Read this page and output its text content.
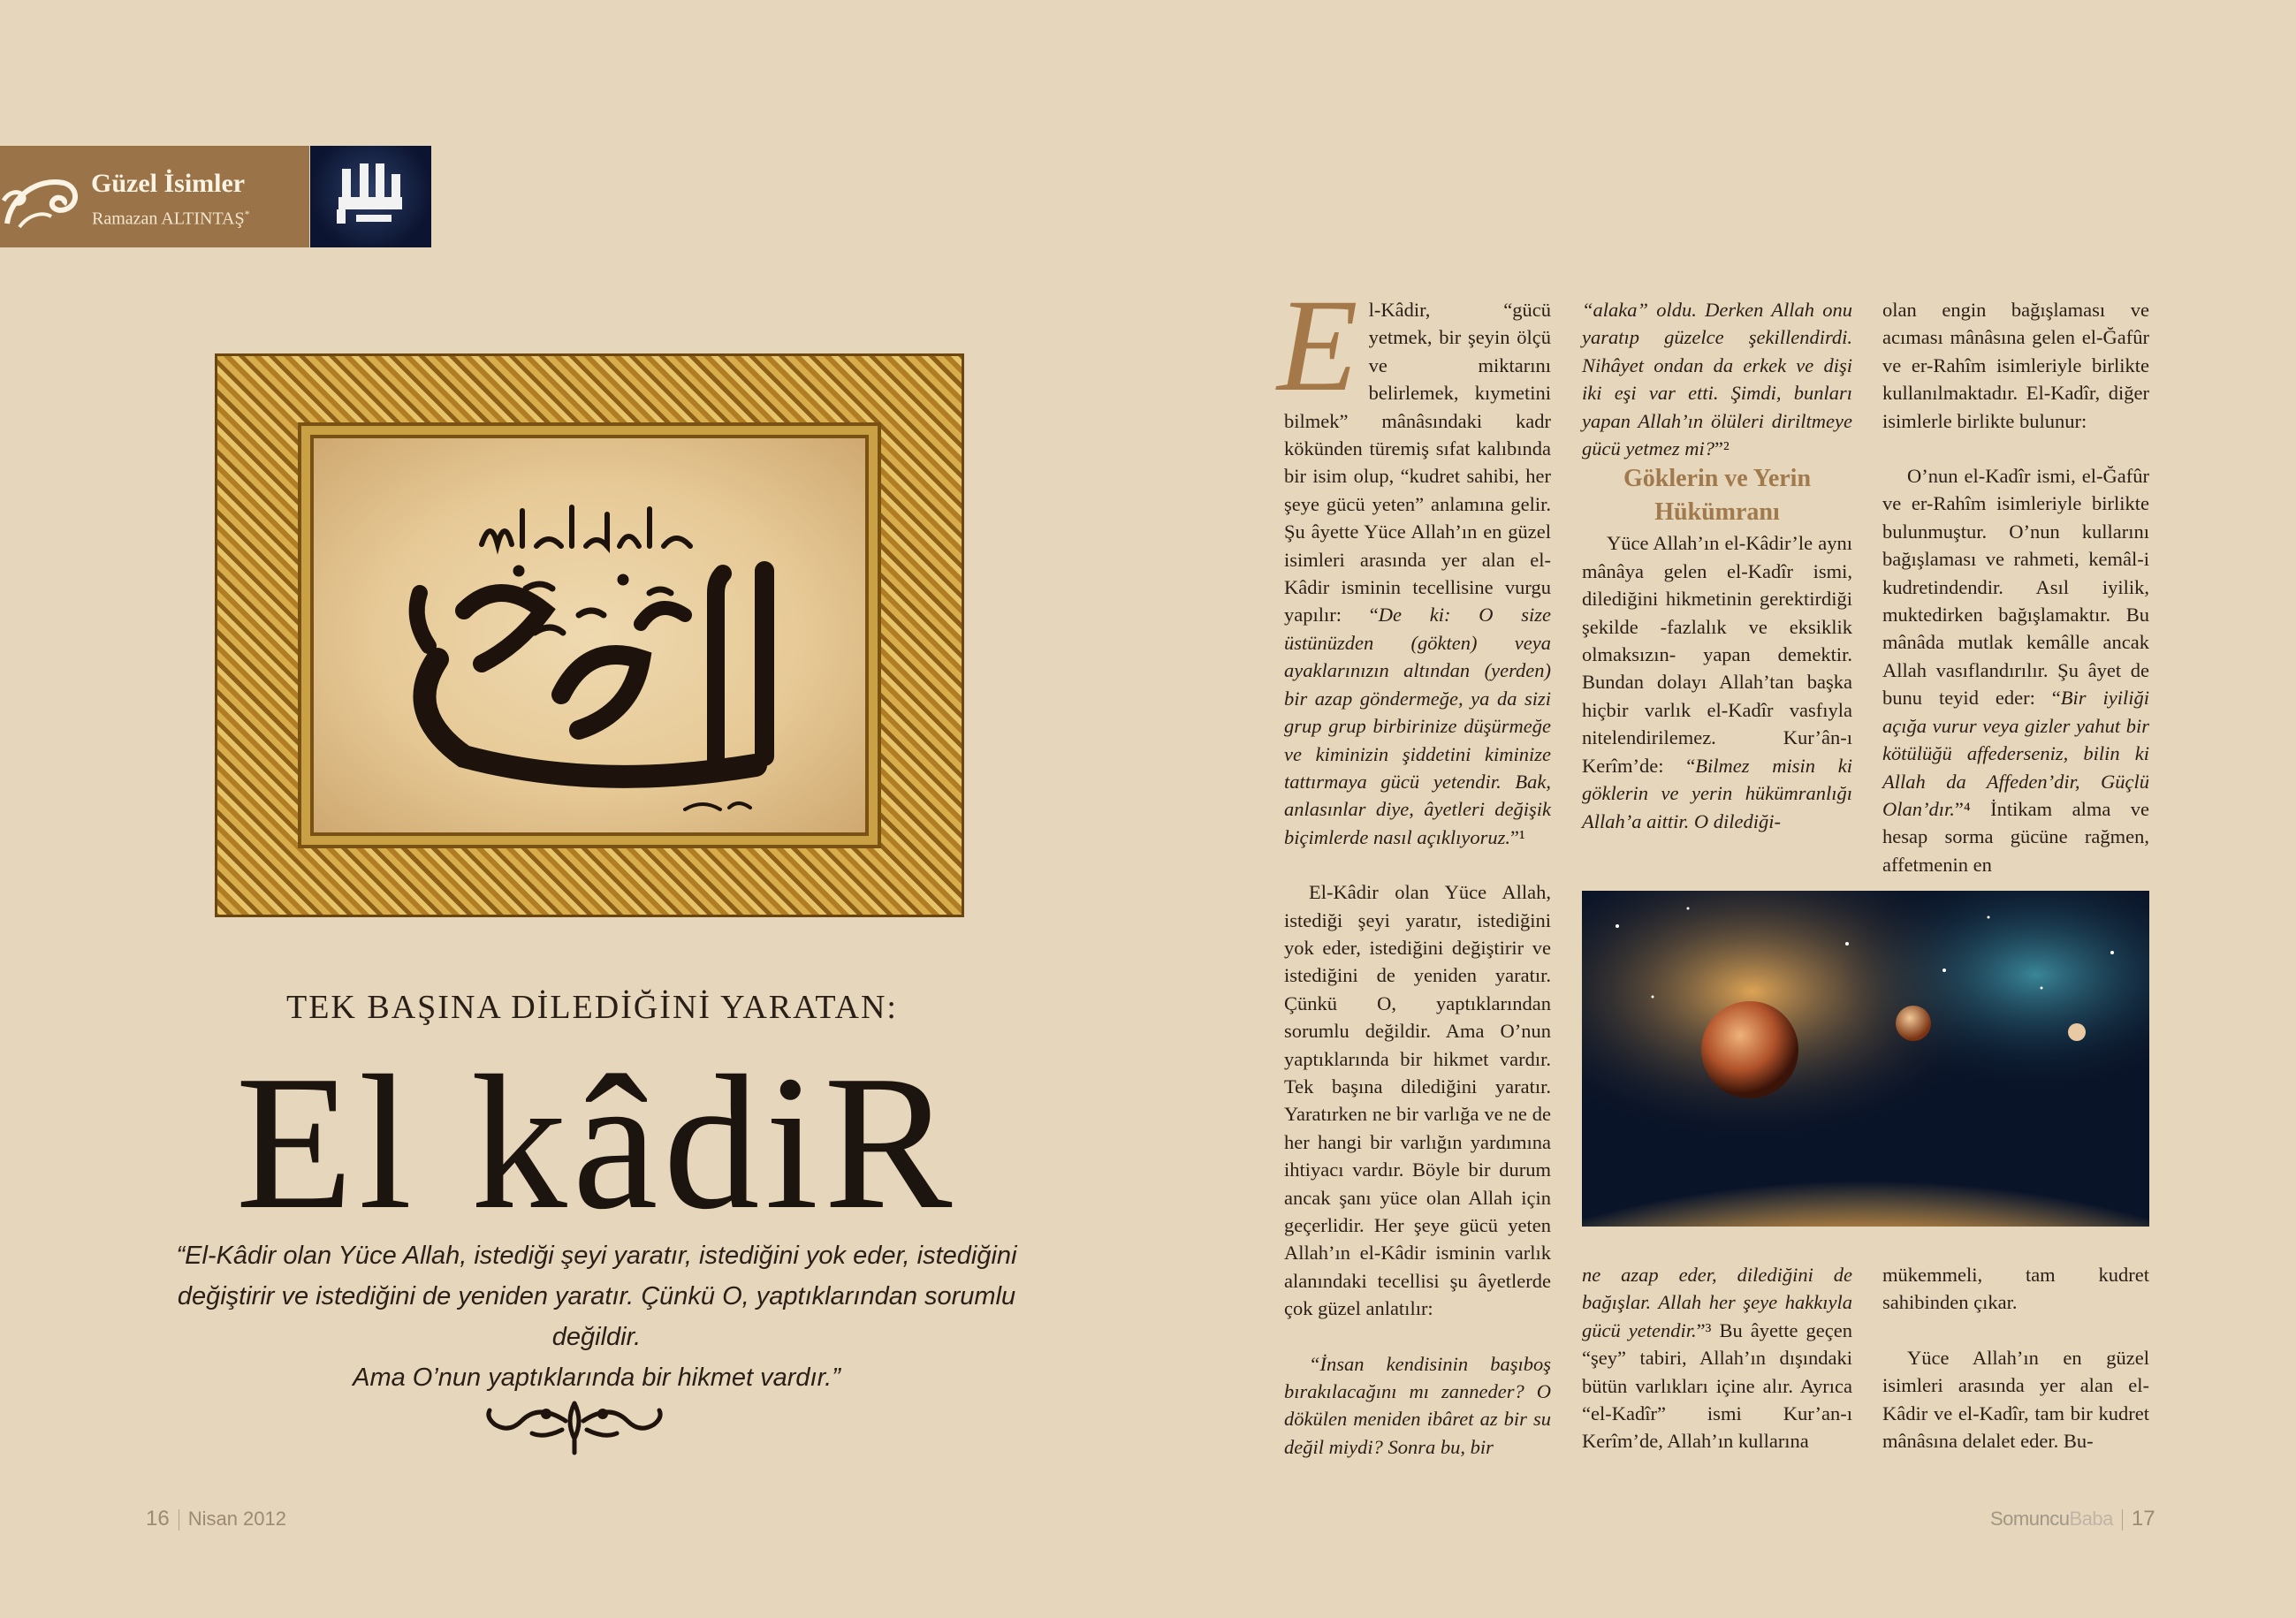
Güzel İsimler
Ramazan ALTINTAŞ*
TEK BAŞINA DİLEDİĞİNİ YARATAN:
El kâdiR
“El-Kâdir olan Yüce Allah, istediği şeyi yaratır, istediğini yok eder, istediğini
değiştirir ve istediğini de yeniden yaratır. Çünkü O, yaptıklarından sorumlu değildir.
Ama O’nun yaptıklarında bir hikmet vardır.”

El-Kâdir, “gücü yetmek, bir şeyin ölçü ve miktarını belirlemek, kıymetini bilmek” mânâsındaki kadr kökünden türemiş sıfat kalıbında bir isim olup, “kudret sahibi, her şeye gücü yeten” anlamına gelir. Şu âyette Yüce Allah’ın en güzel isimleri arasında yer alan el-Kâdir isminin tecellisine vurgu yapılır: “De ki: O size üstünüzden (gökten) veya ayaklarınızın altından (yerden) bir azap göndermeğe, ya da sizi grup grup birbirinize düşürmeğe ve kiminizin şiddetini kiminize tattırmaya gücü yetendir. Bak, anlasınlar diye, âyetleri değişik biçimlerde nasıl açıklıyoruz.”¹

El-Kâdir olan Yüce Allah, istediği şeyi yaratır, istediğini yok eder, istediğini değiştirir ve istediğini de yeniden yaratır. Çünkü O, yaptıklarından sorumlu değildir. Ama O’nun yaptıklarında bir hikmet vardır. Tek başına dilediğini yaratır. Yaratırken ne bir varlığa ve ne de her hangi bir varlığın yardımına ihtiyacı vardır. Böyle bir durum ancak şanı yüce olan Allah için geçerlidir. Her şeye gücü yeten Allah’ın el-Kâdir isminin varlık alanındaki tecellisi şu âyetlerde çok güzel anlatılır:

“İnsan kendisinin başıboş bırakılacağını mı zanneder? O dökülen meniden ibâret az bir su değil miydi? Sonra bu, bir

“alaka” oldu. Derken Allah onu yaratıp güzelce şekillendirdi. Nihâyet ondan da erkek ve dişi iki eşi var etti. Şimdi, bunları yapan Allah’ın ölüleri diriltmeye gücü yetmez mi?”²

Göklerin ve Yerin Hükümranı

Yüce Allah’ın el-Kâdir’le aynı mânâya gelen el-Kadîr ismi, dilediğini hikmetinin gerektirdiği şekilde -fazlalık ve eksiklik olmaksızın- yapan demektir. Bundan dolayı Allah’tan başka hiçbir varlık el-Kadîr vasfıyla nitelendirilemez. Kur’ân-ı Kerîm’de: “Bilmez misin ki göklerin ve yerin hükümranlığı Allah’a aittir. O dilediği-

olan engin bağışlaması ve acıması mânâsına gelen el-Ğafûr ve er-Rahîm isimleriyle birlikte kullanılmaktadır. El-Kadîr, diğer isimlerle birlikte bulunur:

O’nun el-Kadîr ismi, el-Ğafûr ve er-Rahîm isimleriyle birlikte bulunmuştur. O’nun kullarını bağışlaması ve rahmeti, kemâl-i kudretindendir. Asıl iyilik, muktedirken bağışlamaktır. Bu mânâda mutlak kemâlle ancak Allah vasıflandırılır. Şu âyet de bunu teyid eder: “Bir iyiliği açığa vurur veya gizler yahut bir kötülüğü affederseniz, bilin ki Allah da Affeden’dir, Güçlü Olan’dır.”⁴ İntikam alma ve hesap sorma gücüne rağmen, affetmenin en

ne azap eder, dilediğini de bağışlar. Allah her şeye hakkıyla gücü yetendir.”³ Bu âyette geçen “şey” tabiri, Allah’ın dışındaki bütün varlıkları içine alır. Ayrıca “el-Kadîr” ismi Kur’an-ı Kerîm’de, Allah’ın kullarına

mükemmeli, tam kudret sahibinden çıkar.

Yüce Allah’ın en güzel isimleri arasında yer alan el-Kâdir ve el-Kadîr, tam bir kudret mânâsına delalet eder. Bu-

16 Nisan 2012	SomuncuBaba 17
